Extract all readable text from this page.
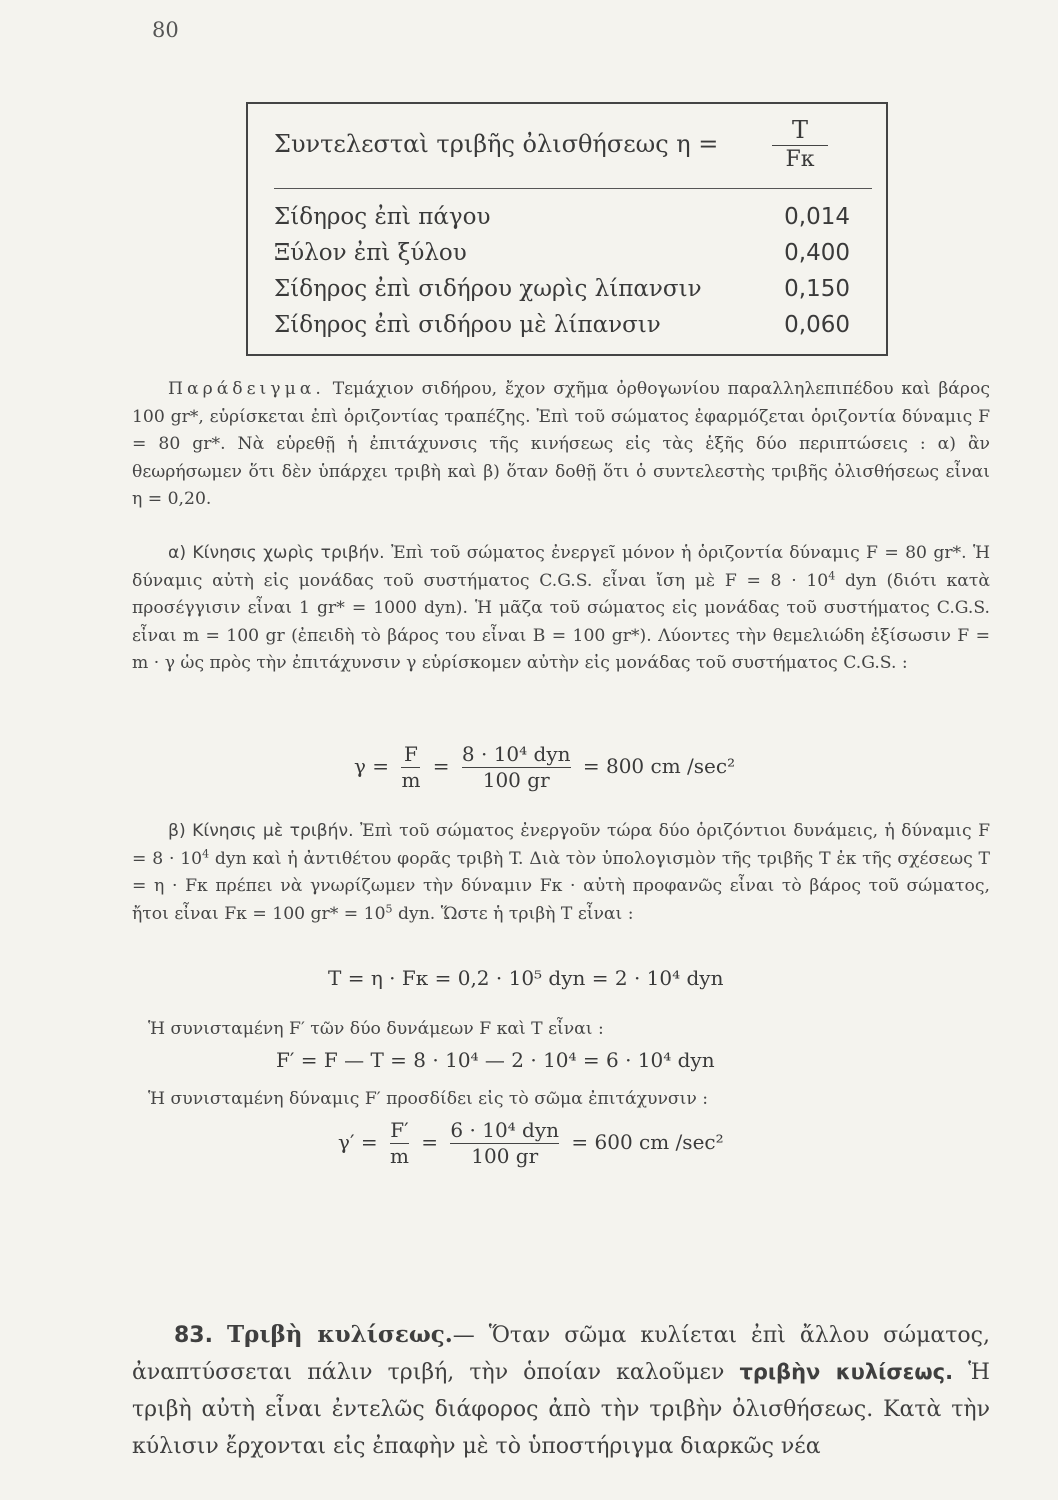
80
Συντελεσταὶ τριβῆς ὀλισθήσεως η =	T
Fκ
Σίδηρος ἐπὶ πάγου	0,014
Ξύλον ἐπὶ ξύλου	0,400
Σίδηρος ἐπὶ σιδήρου χωρὶς λίπανσιν	0,150
Σίδηρος ἐπὶ σιδήρου μὲ λίπανσιν	0,060

Παράδειγμα. Τεμάχιον σιδήρου, ἔχον σχῆμα ὀρθογωνίου παραλληλεπιπέδου καὶ βάρος 100 gr*, εὑρίσκεται ἐπὶ ὁριζοντίας τραπέζης. Ἐπὶ τοῦ σώματος ἐφαρμόζεται ὁριζοντία δύναμις F = 80 gr*. Νὰ εὑρεθῇ ἡ ἐπιτάχυνσις τῆς κινήσεως εἰς τὰς ἑξῆς δύο περιπτώσεις : α) ἂν θεωρήσωμεν ὅτι δὲν ὑπάρχει τριβὴ καὶ β) ὅταν δοθῇ ὅτι ὁ συντελεστὴς τριβῆς ὀλισθήσεως εἶναι η = 0,20.

α) Κίνησις χωρὶς τριβήν. Ἐπὶ τοῦ σώματος ἐνεργεῖ μόνον ἡ ὁριζοντία δύναμις F = 80 gr*. Ἡ δύναμις αὐτὴ εἰς μονάδας τοῦ συστήματος C.G.S. εἶναι ἴση μὲ $F = 8 \cdot 10^4$ dyn (διότι κατὰ προσέγγισιν εἶναι 1 gr* = 1000 dyn). Ἡ μᾶζα τοῦ σώματος εἰς μονάδας τοῦ συστήματος C.G.S. εἶναι m = 100 gr (ἐπειδὴ τὸ βάρος του εἶναι Β = 100 gr*). Λύοντες τὴν θεμελιώδη ἐξίσωσιν F = m · γ ὡς πρὸς τὴν ἐπιτάχυνσιν γ εὑρίσκομεν αὐτὴν εἰς μονάδας τοῦ συστήματος C.G.S. :

$\gamma = \frac{F}{m} = \frac{\text{8 · 10⁴ dyn}}{100 gr} = 800$ cm /sec²

β) Κίνησις μὲ τριβήν. Ἐπὶ τοῦ σώματος ἐνεργοῦν τώρα δύο ὁριζόντιοι δυνάμεις, ἡ δύναμις $F = 8 \cdot 10^4$ dyn καὶ ἡ ἀντιθέτου φορᾶς τριβὴ T. Διὰ τὸν ὑπολογισμὸν τῆς τριβῆς T ἐκ τῆς σχέσεως T = η · Fκ πρέπει νὰ γνωρίζωμεν τὴν δύναμιν Fκ · αὐτὴ προφανῶς εἶναι τὸ βάρος τοῦ σώματος, ἤτοι εἶναι Fκ = 100 $gr* = 10^5$ dyn. Ὥστε ἡ τριβὴ T εἶναι :

T = η · Fκ = 0,2 · 10⁵ dyn = 2 · 10⁴ dyn
Ἡ συνισταμένη F′ τῶν δύο δυνάμεων F καὶ T εἶναι :
F′ = F — T = 8 · 10⁴ — 2 · 10⁴ = 6 · 10⁴ dyn
Ἡ συνισταμένη δύναμις F′ προσδίδει εἰς τὸ σῶμα ἐπιτάχυνσιν :
$\gamma' = \frac{F'}{m} = \frac{\text{6 · 10⁴ dyn}}{100 gr} = 600$ cm /sec²

83. Τριβὴ κυλίσεως.— Ὅταν σῶμα κυλίεται ἐπὶ ἄλλου σώματος, ἀναπτύσσεται πάλιν τριβή, τὴν ὁποίαν καλοῦμεν τριβὴν κυλίσεως. Ἡ τριβὴ αὐτὴ εἶναι ἐντελῶς διάφορος ἀπὸ τὴν τριβὴν ὀλισθήσεως. Κατὰ τὴν κύλισιν ἔρχονται εἰς ἐπαφὴν μὲ τὸ ὑποστήριγμα διαρκῶς νέα
